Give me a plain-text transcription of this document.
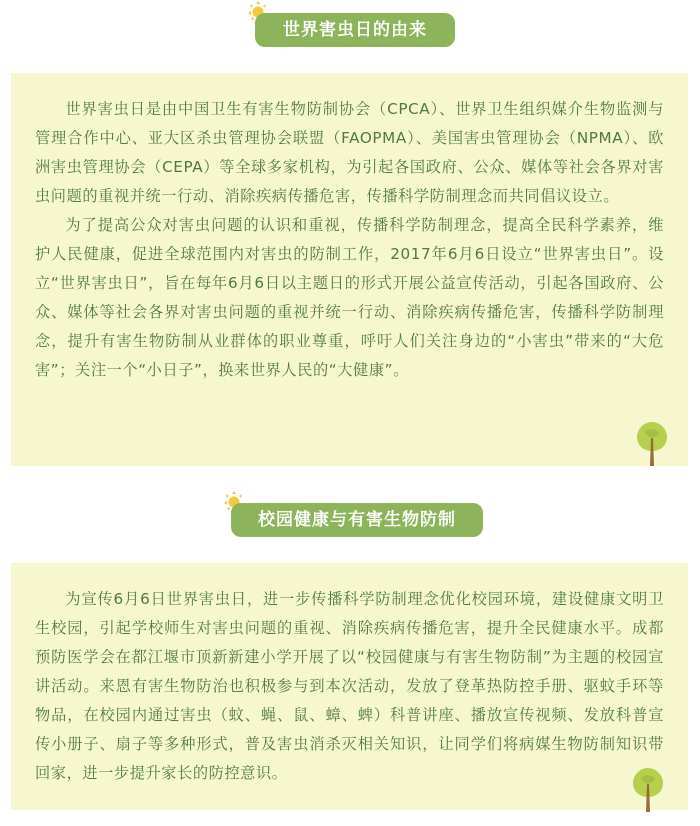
世界害虫日的由来

世界害虫日是由中国卫生有害生物防制协会（CPCA）、世界卫生组织媒介生物监测与管理合作中心、亚大区杀虫管理协会联盟（FAOPMA）、美国害虫管理协会（NPMA）、欧洲害虫管理协会（CEPA）等全球多家机构，为引起各国政府、公众、媒体等社会各界对害虫问题的重视并统一行动、消除疾病传播危害，传播科学防制理念而共同倡议设立。

为了提高公众对害虫问题的认识和重视，传播科学防制理念，提高全民科学素养，维护人民健康，促进全球范围内对害虫的防制工作，2017年6月6日设立“世界害虫日”。设立“世界害虫日”，旨在每年6月6日以主题日的形式开展公益宣传活动，引起各国政府、公众、媒体等社会各界对害虫问题的重视并统一行动、消除疾病传播危害，传播科学防制理念，提升有害生物防制从业群体的职业尊重，呼吁人们关注身边的“小害虫”带来的“大危害”；关注一个“小日子”，换来世界人民的“大健康”。

校园健康与有害生物防制

为宣传6月6日世界害虫日，进一步传播科学防制理念优化校园环境，建设健康文明卫生校园，引起学校师生对害虫问题的重视、消除疾病传播危害，提升全民健康水平。成都预防医学会在都江堰市顶新新建小学开展了以“校园健康与有害生物防制”为主题的校园宣讲活动。来恩有害生物防治也积极参与到本次活动，发放了登革热防控手册、驱蚊手环等物品，在校园内通过害虫（蚊、蝇、鼠、蟑、蜱）科普讲座、播放宣传视频、发放科普宣传小册子、扇子等多种形式，普及害虫消杀灭相关知识，让同学们将病媒生物防制知识带回家，进一步提升家长的防控意识。
